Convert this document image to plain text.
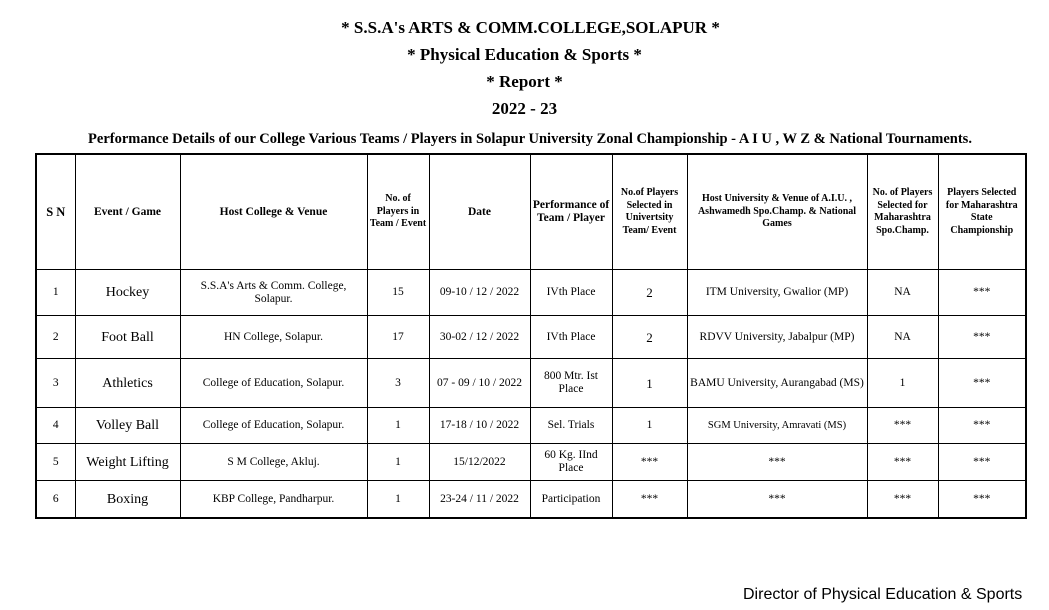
* S.S.A's ARTS & COMM.COLLEGE,SOLAPUR *
* Physical Education & Sports *
* Report *
2022 - 23
Performance Details of our College Various Teams / Players in Solapur University Zonal Championship - A I U , W Z & National Tournaments.
S N	Event / Game	Host College & Venue	No. of Players in Team / Event	Date	Performance of Team / Player	No.of Players Selected in Univertsity Team/ Event	Host University & Venue of A.I.U. , Ashwamedh Spo.Champ. & National Games	No. of Players Selected for Maharashtra Spo.Champ.	Players Selected for Maharashtra State Championship
1	Hockey	S.S.A's Arts & Comm. College, Solapur.	15	09-10 / 12 / 2022	IVth Place	2	ITM University, Gwalior (MP)	NA	***
2	Foot Ball	HN College, Solapur.	17	30-02 / 12 / 2022	IVth Place	2	RDVV University, Jabalpur (MP)	NA	***
3	Athletics	College of Education, Solapur.	3	07 - 09 / 10 / 2022	800 Mtr. Ist Place	1	BAMU University, Aurangabad (MS)	1	***
4	Volley Ball	College of Education, Solapur.	1	17-18 / 10 / 2022	Sel. Trials	1	SGM University, Amravati (MS)	***	***
5	Weight Lifting	S M College, Akluj.	1	15/12/2022	60 Kg. IInd Place	***	***	***	***
6	Boxing	KBP College, Pandharpur.	1	23-24 / 11 / 2022	Participation	***	***	***	***
Director of Physical Education & Sports
